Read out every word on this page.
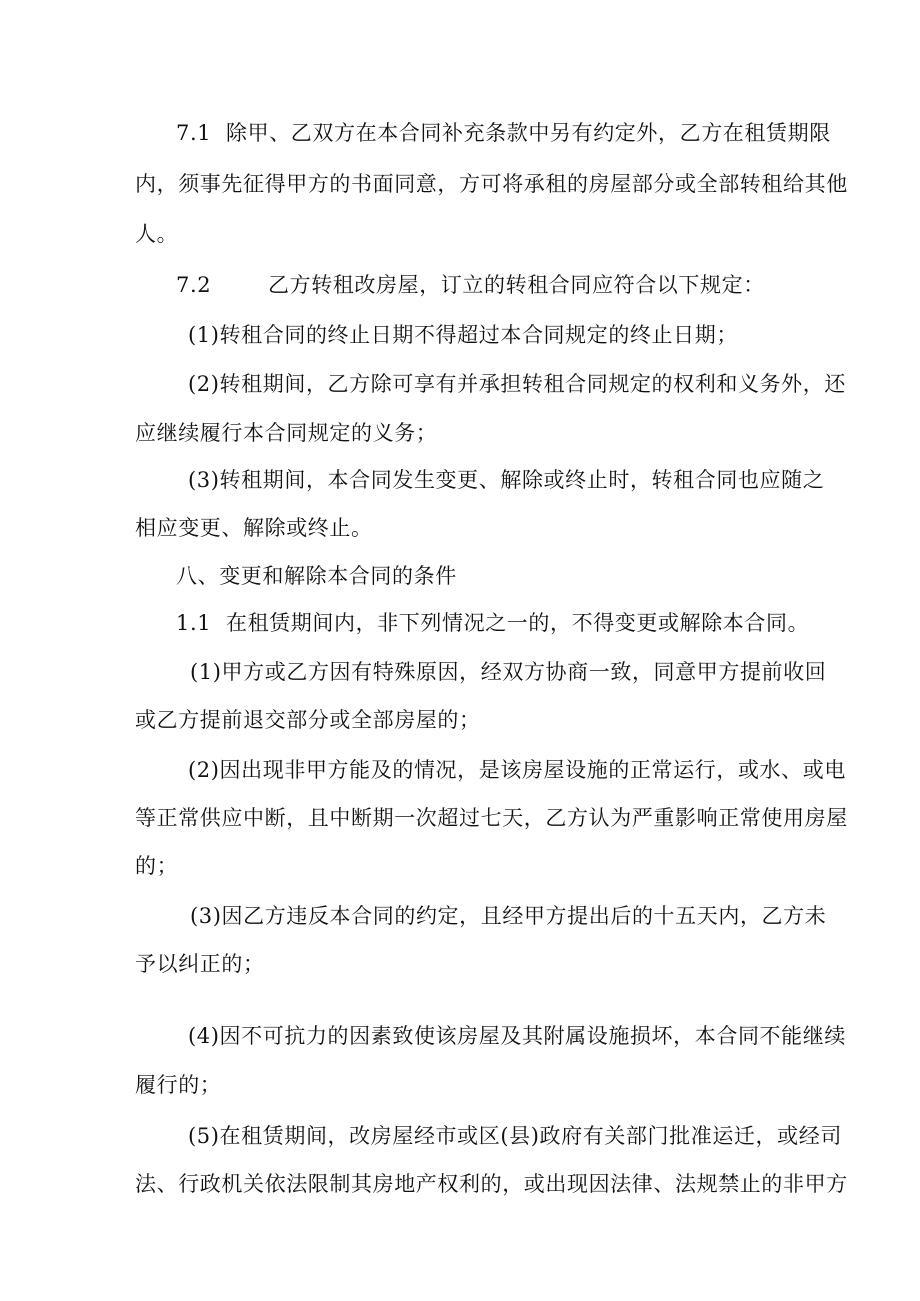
7.1 除甲、乙双方在本合同补充条款中另有约定外，乙方在租赁期限
内，须事先征得甲方的书面同意，方可将承租的房屋部分或全部转租给其他
人。
7.2	乙方转租改房屋，订立的转租合同应符合以下规定：
(1)转租合同的终止日期不得超过本合同规定的终止日期；
(2)转租期间，乙方除可享有并承担转租合同规定的权利和义务外，还
应继续履行本合同规定的义务；
(3)转租期间，本合同发生变更、解除或终止时，转租合同也应随之
相应变更、解除或终止。
八、变更和解除本合同的条件
1.1 在租赁期间内，非下列情况之一的，不得变更或解除本合同。
(1)甲方或乙方因有特殊原因，经双方协商一致，同意甲方提前收回
或乙方提前退交部分或全部房屋的；
(2)因出现非甲方能及的情况，是该房屋设施的正常运行，或水、或电
等正常供应中断，且中断期一次超过七天，乙方认为严重影响正常使用房屋
的；
(3)因乙方违反本合同的约定，且经甲方提出后的十五天内，乙方未
予以纠正的；
(4)因不可抗力的因素致使该房屋及其附属设施损坏，本合同不能继续
履行的；
(5)在租赁期间，改房屋经市或区(县)政府有关部门批准运迁，或经司
法、行政机关依法限制其房地产权利的，或出现因法律、法规禁止的非甲方
